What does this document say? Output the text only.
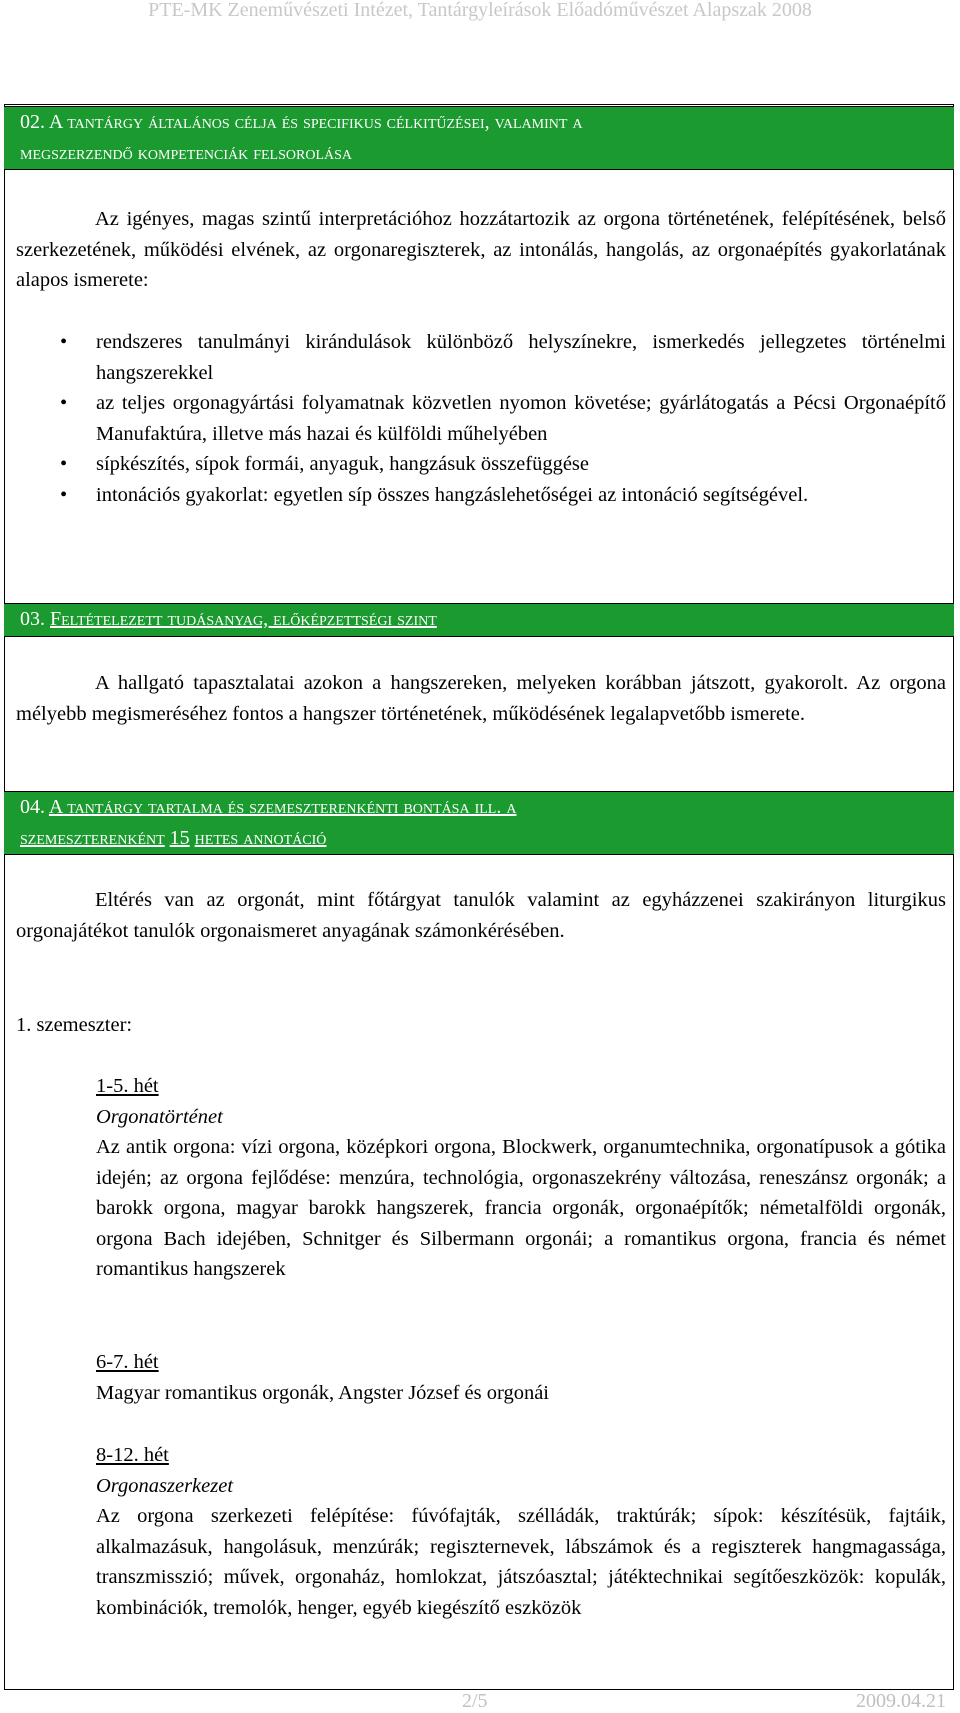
PTE-MK Zeneművészeti Intézet, Tantárgyleírások Előadóművészet Alapszak 2008
02. A tantárgy általános célja és specifikus célkitűzései, valamint a
megszerzendő kompetenciák felsorolása
Az igényes, magas szintű interpretációhoz hozzátartozik az orgona történetének, felépítésének, belső szerkezetének, működési elvének, az orgonaregiszterek, az intonálás, hangolás, az orgonaépítés gyakorlatának alapos ismerete:
• rendszeres tanulmányi kirándulások különböző helyszínekre, ismerkedés jellegzetes történelmi hangszerekkel
• az teljes orgonagyártási folyamatnak közvetlen nyomon követése; gyárlátogatás a Pécsi Orgonaépítő Manufaktúra, illetve más hazai és külföldi műhelyében
• sípkészítés, sípok formái, anyaguk, hangzásuk összefüggése
• intonációs gyakorlat: egyetlen síp összes hangzáslehetőségei az intonáció segítségével.
03. Feltételezett tudásanyag, előképzettségi szint
A hallgató tapasztalatai azokon a hangszereken, melyeken korábban játszott, gyakorolt. Az orgona mélyebb megismeréséhez fontos a hangszer történetének, működésének legalapvetőbb ismerete.
04. A tantárgy tartalma és szemeszterenkénti bontása ill. a
szemeszterenként 15 hetes annotáció
Eltérés van az orgonát, mint főtárgyat tanulók valamint az egyházzenei szakirányon liturgikus orgonajátékot tanulók orgonaismeret anyagának számonkérésében.
1. szemeszter:
1-5. hét
Orgonatörténet
Az antik orgona: vízi orgona, középkori orgona, Blockwerk, organumtechnika, orgonatípusok a gótika idején; az orgona fejlődése: menzúra, technológia, orgonaszekrény változása, reneszánsz orgonák; a barokk orgona, magyar barokk hangszerek, francia orgonák, orgonaépítők; németalföldi orgonák, orgona Bach idejében, Schnitger és Silbermann orgonái; a romantikus orgona, francia és német romantikus hangszerek
6-7. hét
Magyar romantikus orgonák, Angster József és orgonái
8-12. hét
Orgonaszerkezet
Az orgona szerkezeti felépítése: fúvófajták, szélládák, traktúrák; sípok: készítésük, fajtáik, alkalmazásuk, hangolásuk, menzúrák; regiszternevek, lábszámok és a regiszterek hangmagassága, transzmisszió; művek, orgonaház, homlokzat, játszóasztal; játéktechnikai segítőeszközök: kopulák, kombinációk, tremolók, henger, egyéb kiegészítő eszközök
2/5	2009.04.21
